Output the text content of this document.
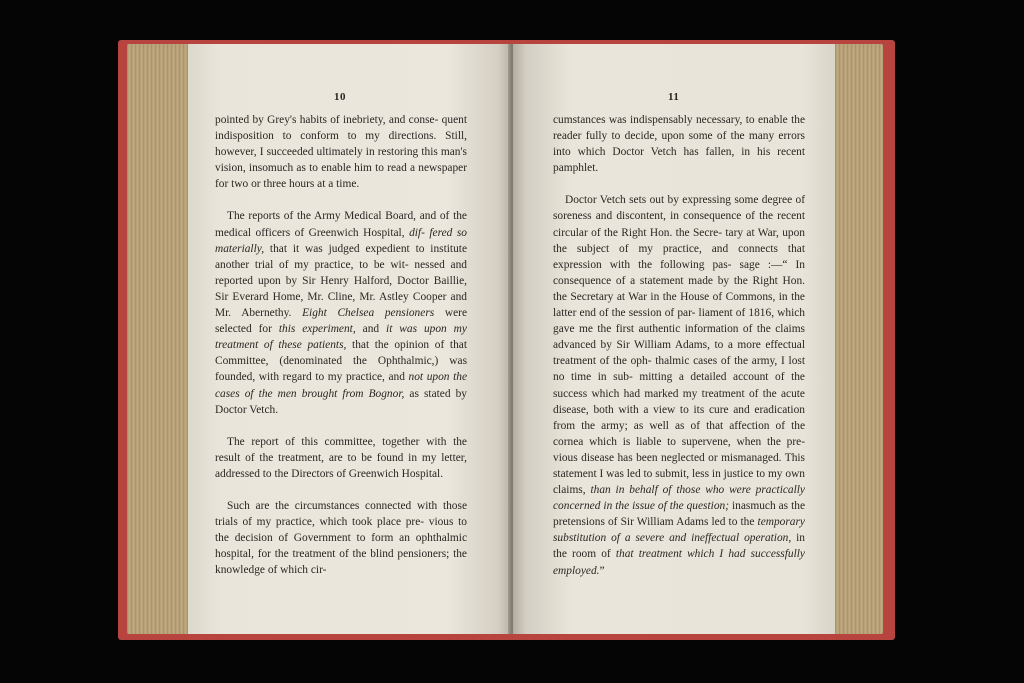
10

pointed by Grey's habits of inebriety, and conse- quent indisposition to conform to my directions. Still, however, I succeeded ultimately in restoring this man's vision, insomuch as to enable him to read a newspaper for two or three hours at a time.

The reports of the Army Medical Board, and of the medical officers of Greenwich Hospital, dif- fered so materially, that it was judged expedient to institute another trial of my practice, to be wit- nessed and reported upon by Sir Henry Halford, Doctor Baillie, Sir Everard Home, Mr. Cline, Mr. Astley Cooper and Mr. Abernethy. Eight Chelsea pensioners were selected for this experiment, and it was upon my treatment of these patients, that the opinion of that Committee, (denominated the Ophthalmic,) was founded, with regard to my practice, and not upon the cases of the men brought from Bognor, as stated by Doctor Vetch.

The report of this committee, together with the result of the treatment, are to be found in my letter, addressed to the Directors of Greenwich Hospital.

Such are the circumstances connected with those trials of my practice, which took place pre- vious to the decision of Government to form an ophthalmic hospital, for the treatment of the blind pensioners; the knowledge of which cir-

11

cumstances was indispensably necessary, to enable the reader fully to decide, upon some of the many errors into which Doctor Vetch has fallen, in his recent pamphlet.

Doctor Vetch sets out by expressing some degree of soreness and discontent, in consequence of the recent circular of the Right Hon. the Secre- tary at War, upon the subject of my practice, and connects that expression with the following pas- sage :—“ In consequence of a statement made by the Right Hon. the Secretary at War in the House of Commons, in the latter end of the session of par- liament of 1816, which gave me the first authentic information of the claims advanced by Sir William Adams, to a more effectual treatment of the oph- thalmic cases of the army, I lost no time in sub- mitting a detailed account of the success which had marked my treatment of the acute disease, both with a view to its cure and eradication from the army; as well as of that affection of the cornea which is liable to supervene, when the pre- vious disease has been neglected or mismanaged. This statement I was led to submit, less in justice to my own claims, than in behalf of those who were practically concerned in the issue of the question; inasmuch as the pretensions of Sir William Adams led to the temporary substitution of a severe and ineffectual operation, in the room of that treatment which I had successfully employed.”
